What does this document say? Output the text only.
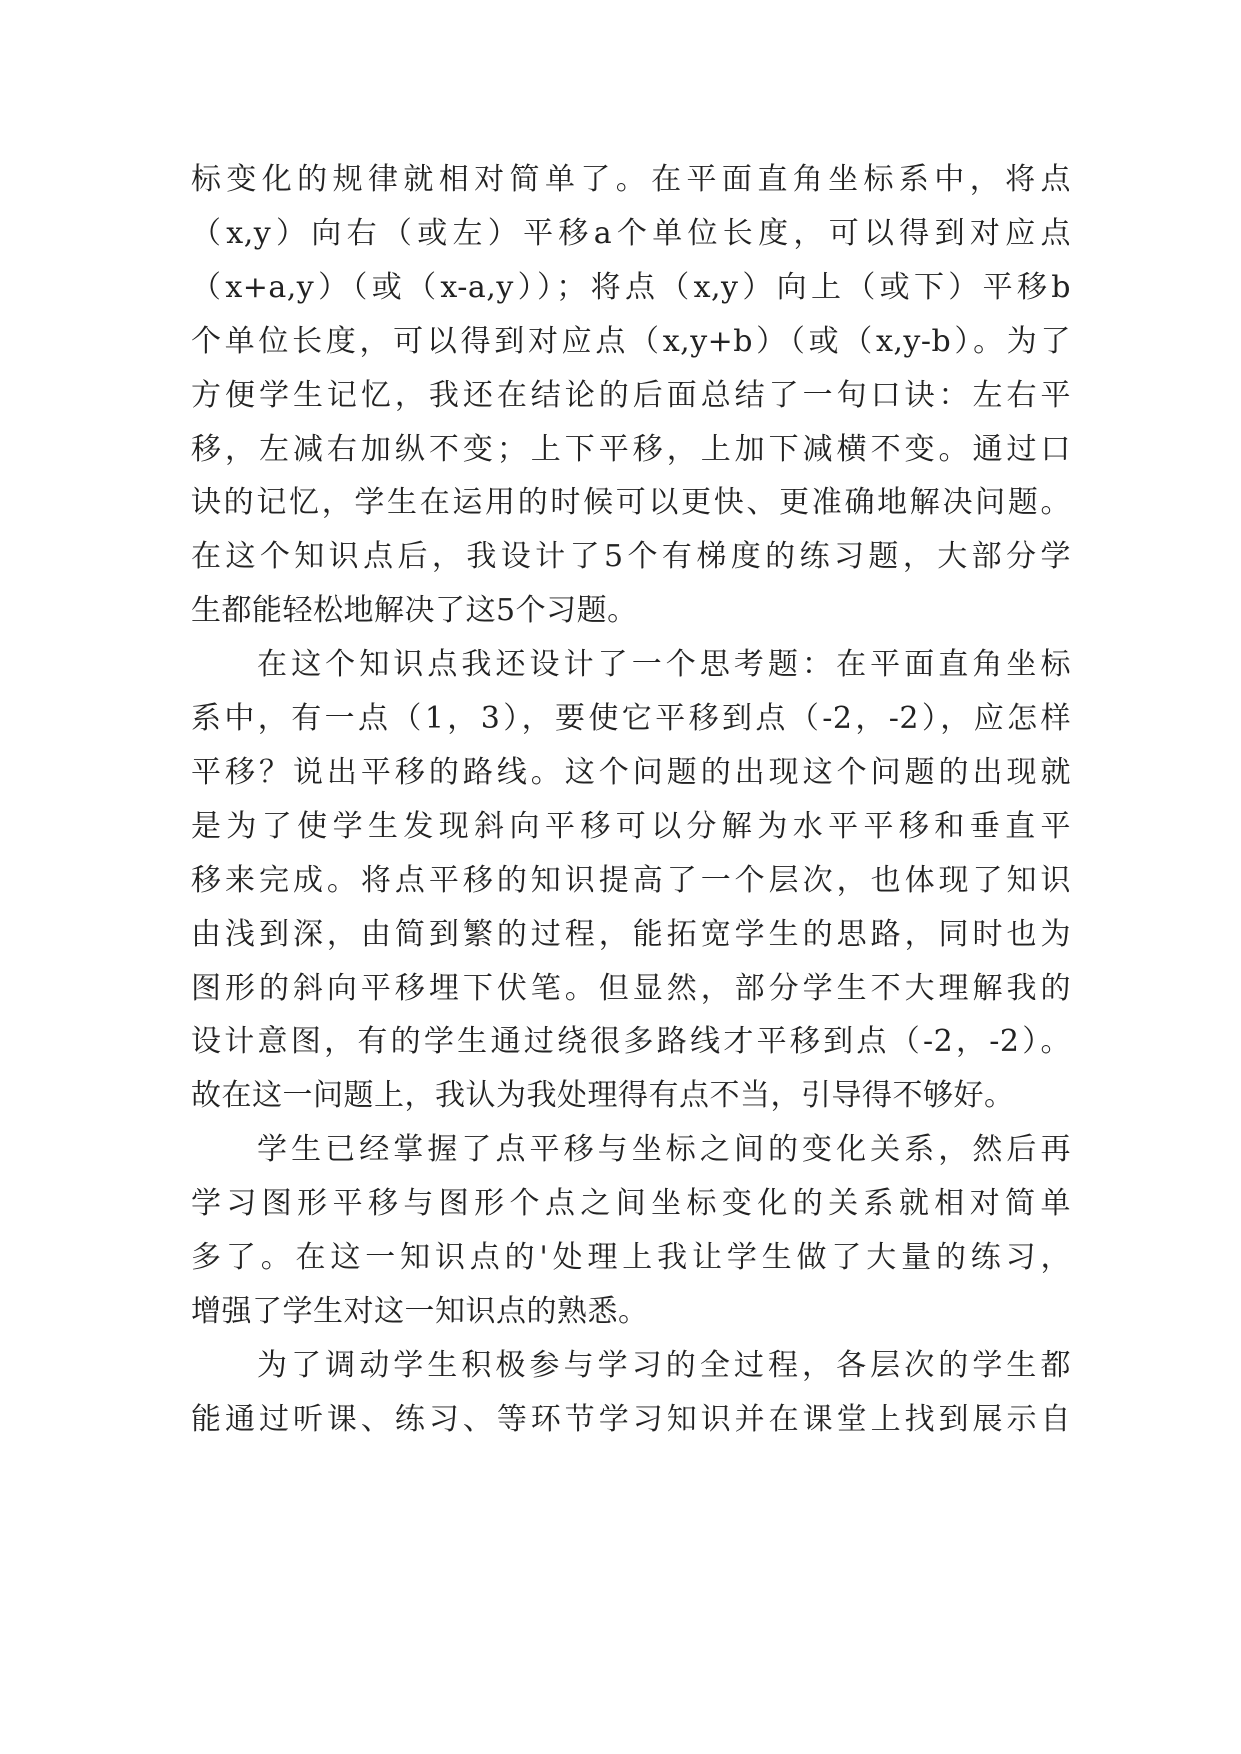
标变化的规律就相对简单了。在平面直角坐标系中，将点
（x,y）向右（或左）平移a个单位长度，可以得到对应点
（x+a,y）（或（x-a,y））；将点（x,y）向上（或下）平移b
个单位长度，可以得到对应点（x,y+b）（或（x,y-b）。为了
方便学生记忆，我还在结论的后面总结了一句口诀：左右平
移，左减右加纵不变；上下平移，上加下减横不变。通过口
诀的记忆，学生在运用的时候可以更快、更准确地解决问题。
在这个知识点后，我设计了5个有梯度的练习题，大部分学
生都能轻松地解决了这5个习题。
在这个知识点我还设计了一个思考题：在平面直角坐标
系中，有一点（1，3），要使它平移到点（-2，-2），应怎样
平移？说出平移的路线。这个问题的出现这个问题的出现就
是为了使学生发现斜向平移可以分解为水平平移和垂直平
移来完成。将点平移的知识提高了一个层次，也体现了知识
由浅到深，由简到繁的过程，能拓宽学生的思路，同时也为
图形的斜向平移埋下伏笔。但显然，部分学生不大理解我的
设计意图，有的学生通过绕很多路线才平移到点（-2，-2）。
故在这一问题上，我认为我处理得有点不当，引导得不够好。
学生已经掌握了点平移与坐标之间的变化关系，然后再
学习图形平移与图形个点之间坐标变化的关系就相对简单
多了。在这一知识点的'处理上我让学生做了大量的练习，
增强了学生对这一知识点的熟悉。
为了调动学生积极参与学习的全过程，各层次的学生都
能通过听课、练习、等环节学习知识并在课堂上找到展示自
